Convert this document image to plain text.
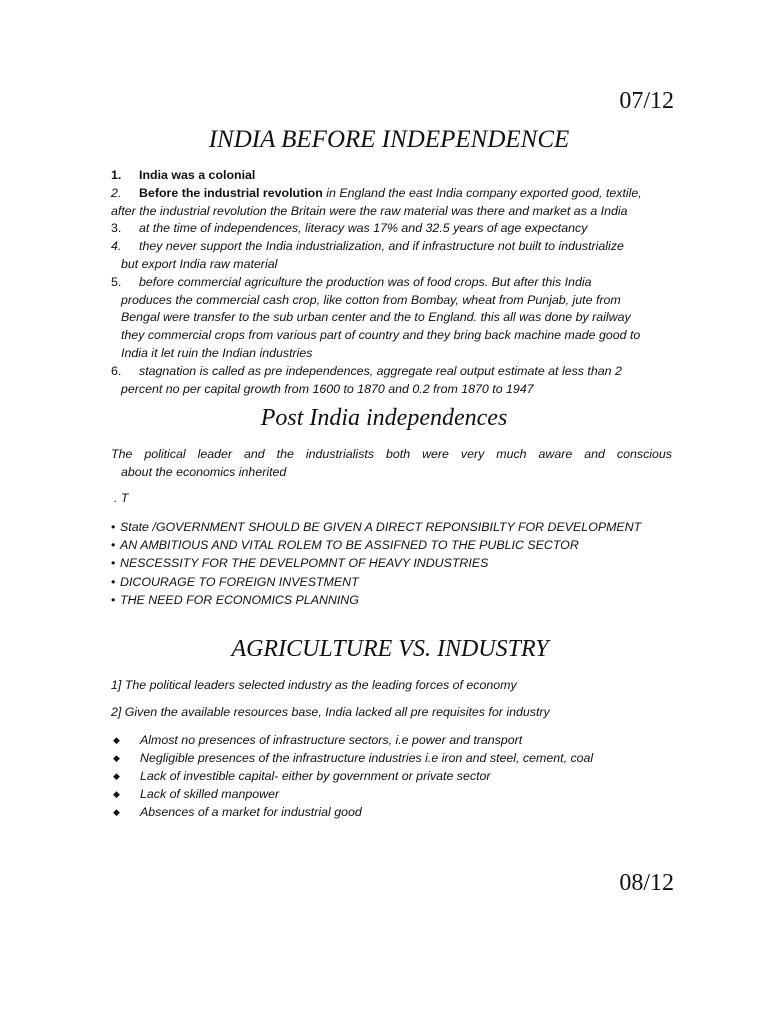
07/12
INDIA BEFORE INDEPENDENCE
1. India was a colonial
2. Before the industrial revolution in England the east India company exported good, textile,
after the industrial revolution the Britain were the raw material was there and market as a India
3. at the time of independences, literacy was 17% and 32.5 years of age expectancy
4. they never support the India industrialization, and if infrastructure not built to industrialize
but export India raw material
5. before commercial agriculture the production was of food crops. But after this India
produces the commercial cash crop, like cotton from Bombay, wheat from Punjab, jute from
Bengal were transfer to the sub urban center and the to England. this all was done by railway
they commercial crops from various part of country and they bring back machine made good to
India it let ruin the Indian industries
6. stagnation is called as pre independences, aggregate real output estimate at less than 2
percent no per capital growth from 1600 to 1870 and 0.2 from 1870 to 1947
Post India independences
The political leader and the industrialists both were very much aware and conscious
about the economics inherited
. T
• State /GOVERNMENT SHOULD BE GIVEN A DIRECT REPONSIBILTY FOR DEVELOPMENT
• AN AMBITIOUS AND VITAL ROLEM TO BE ASSIFNED TO THE PUBLIC SECTOR
• NESCESSITY FOR THE DEVELPOMNT OF HEAVY INDUSTRIES
• DICOURAGE TO FOREIGN INVESTMENT
• THE NEED FOR ECONOMICS PLANNING
AGRICULTURE VS. INDUSTRY
1] The political leaders selected industry as the leading forces of economy
2] Given the available resources base, India lacked all pre requisites for industry
◆ Almost no presences of infrastructure sectors, i.e power and transport
◆ Negligible presences of the infrastructure industries i.e iron and steel, cement, coal
◆ Lack of investible capital- either by government or private sector
◆ Lack of skilled manpower
◆ Absences of a market for industrial good
08/12
